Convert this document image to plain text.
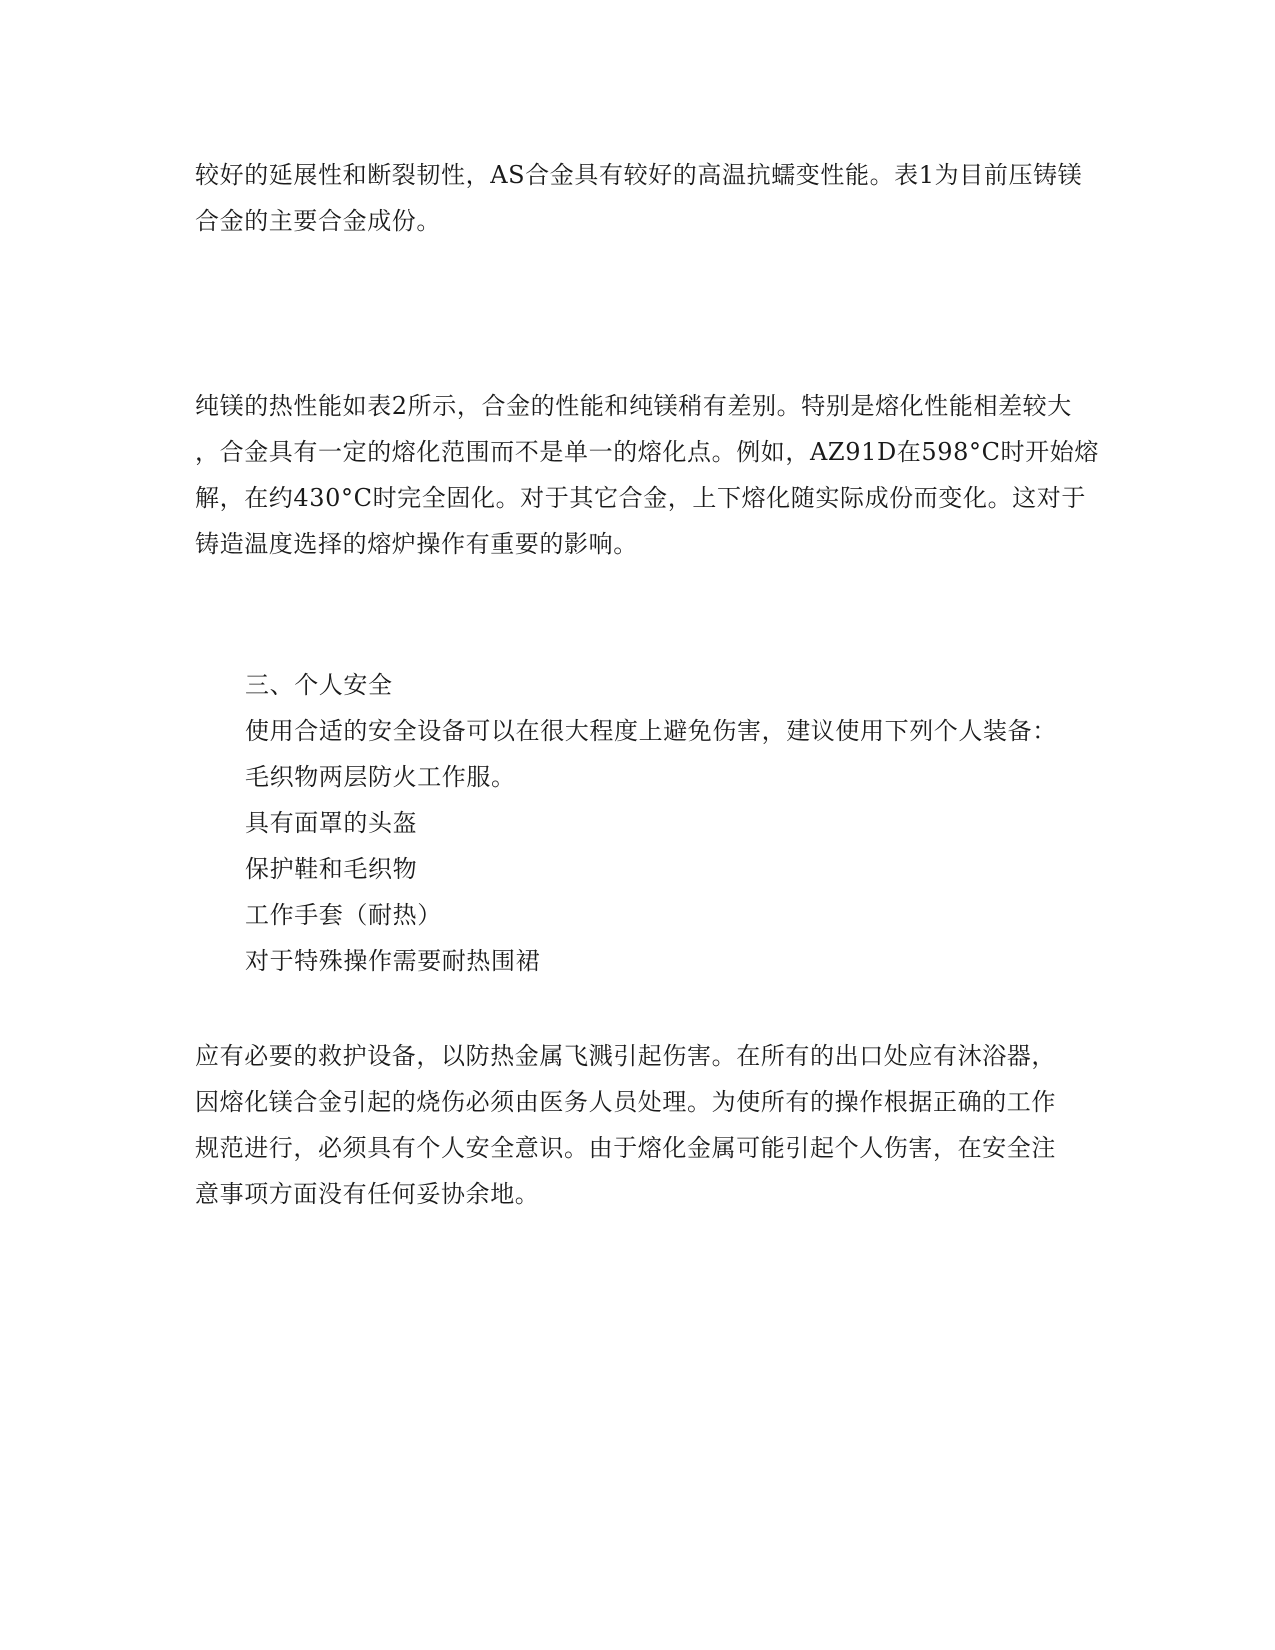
较好的延展性和断裂韧性，AS合金具有较好的高温抗蠕变性能。表1为目前压铸镁
合金的主要合金成份。
纯镁的热性能如表2所示，合金的性能和纯镁稍有差别。特别是熔化性能相差较大
，合金具有一定的熔化范围而不是单一的熔化点。例如，AZ91D在598°C时开始熔
解，在约430°C时完全固化。对于其它合金，上下熔化随实际成份而变化。这对于
铸造温度选择的熔炉操作有重要的影响。
三、个人安全
使用合适的安全设备可以在很大程度上避免伤害，建议使用下列个人装备：
毛织物两层防火工作服。
具有面罩的头盔
保护鞋和毛织物
工作手套（耐热）
对于特殊操作需要耐热围裙
应有必要的救护设备，以防热金属飞溅引起伤害。在所有的出口处应有沐浴器，
因熔化镁合金引起的烧伤必须由医务人员处理。为使所有的操作根据正确的工作
规范进行，必须具有个人安全意识。由于熔化金属可能引起个人伤害，在安全注
意事项方面没有任何妥协余地。
